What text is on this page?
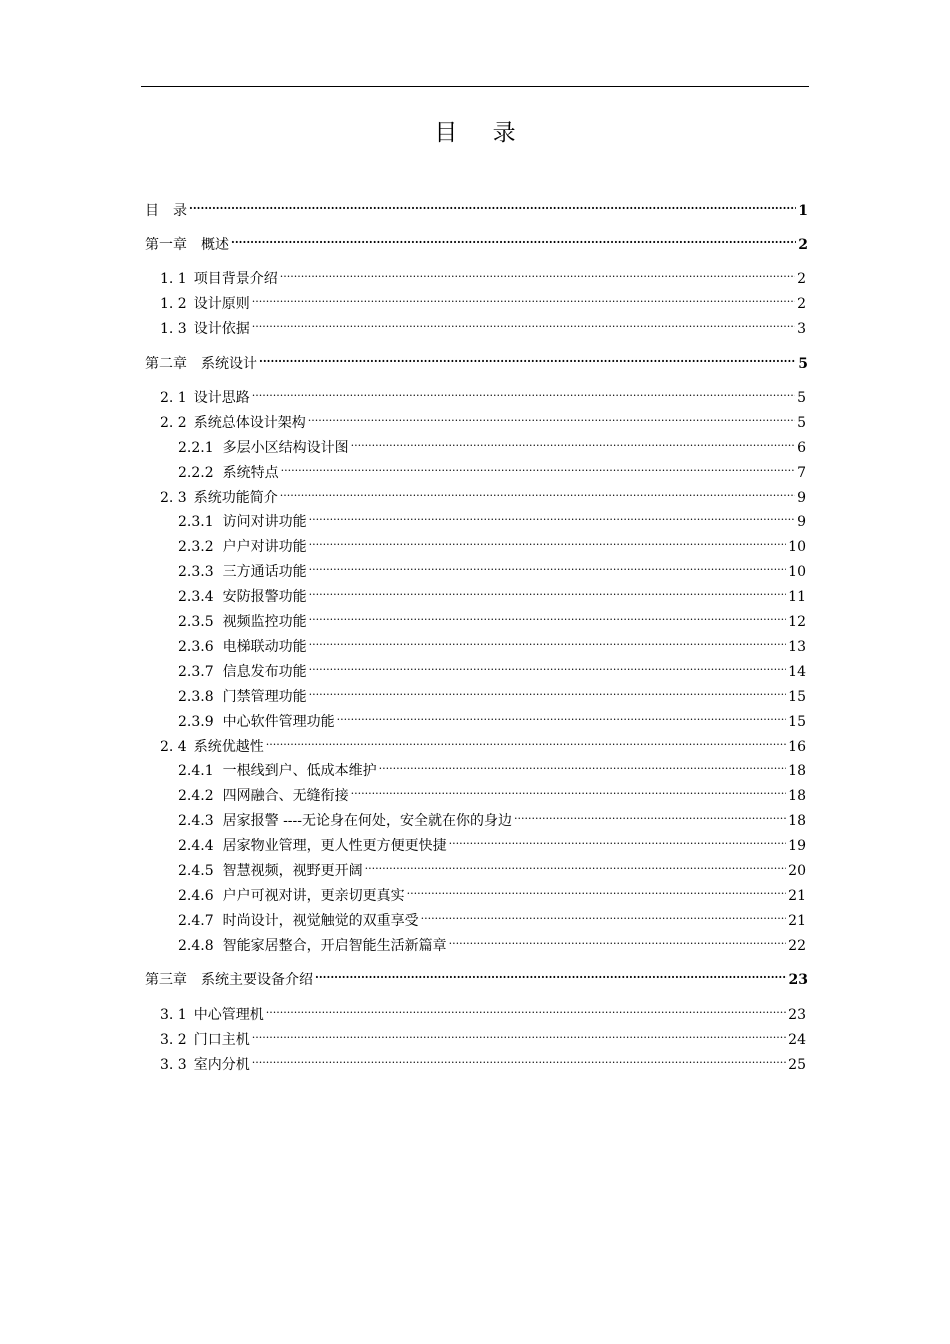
目 录
目　录 .....	1
第一章　概述 .....	2
1. 1 项目背景介绍 .....	2
1. 2 设计原则 .....	2
1. 3 设计依据 .....	3
第二章　系统设计 .....	5
2. 1 设计思路 .....	5
2. 2 系统总体设计架构 .....	5
2.2.1 多层小区结构设计图 .....	6
2.2.2 系统特点 .....	7
2. 3 系统功能简介 .....	9
2.3.1 访问对讲功能 .....	9
2.3.2 户户对讲功能 .....	10
2.3.3 三方通话功能 .....	10
2.3.4 安防报警功能 .....	11
2.3.5 视频监控功能 .....	12
2.3.6 电梯联动功能 .....	13
2.3.7 信息发布功能 .....	14
2.3.8 门禁管理功能 .....	15
2.3.9 中心软件管理功能 .....	15
2. 4 系统优越性 .....	16
2.4.1 一根线到户、低成本维护 .....	18
2.4.2 四网融合、无缝衔接 .....	18
2.4.3 居家报警 ----无论身在何处，安全就在你的身边 .....	18
2.4.4 居家物业管理，更人性更方便更快捷 .....	19
2.4.5 智慧视频，视野更开阔 .....	20
2.4.6 户户可视对讲，更亲切更真实 .....	21
2.4.7 时尚设计，视觉触觉的双重享受 .....	21
2.4.8 智能家居整合，开启智能生活新篇章 .....	22
第三章　系统主要设备介绍 .....	23
3. 1 中心管理机 .....	23
3. 2 门口主机 .....	24
3. 3 室内分机 .....	25
